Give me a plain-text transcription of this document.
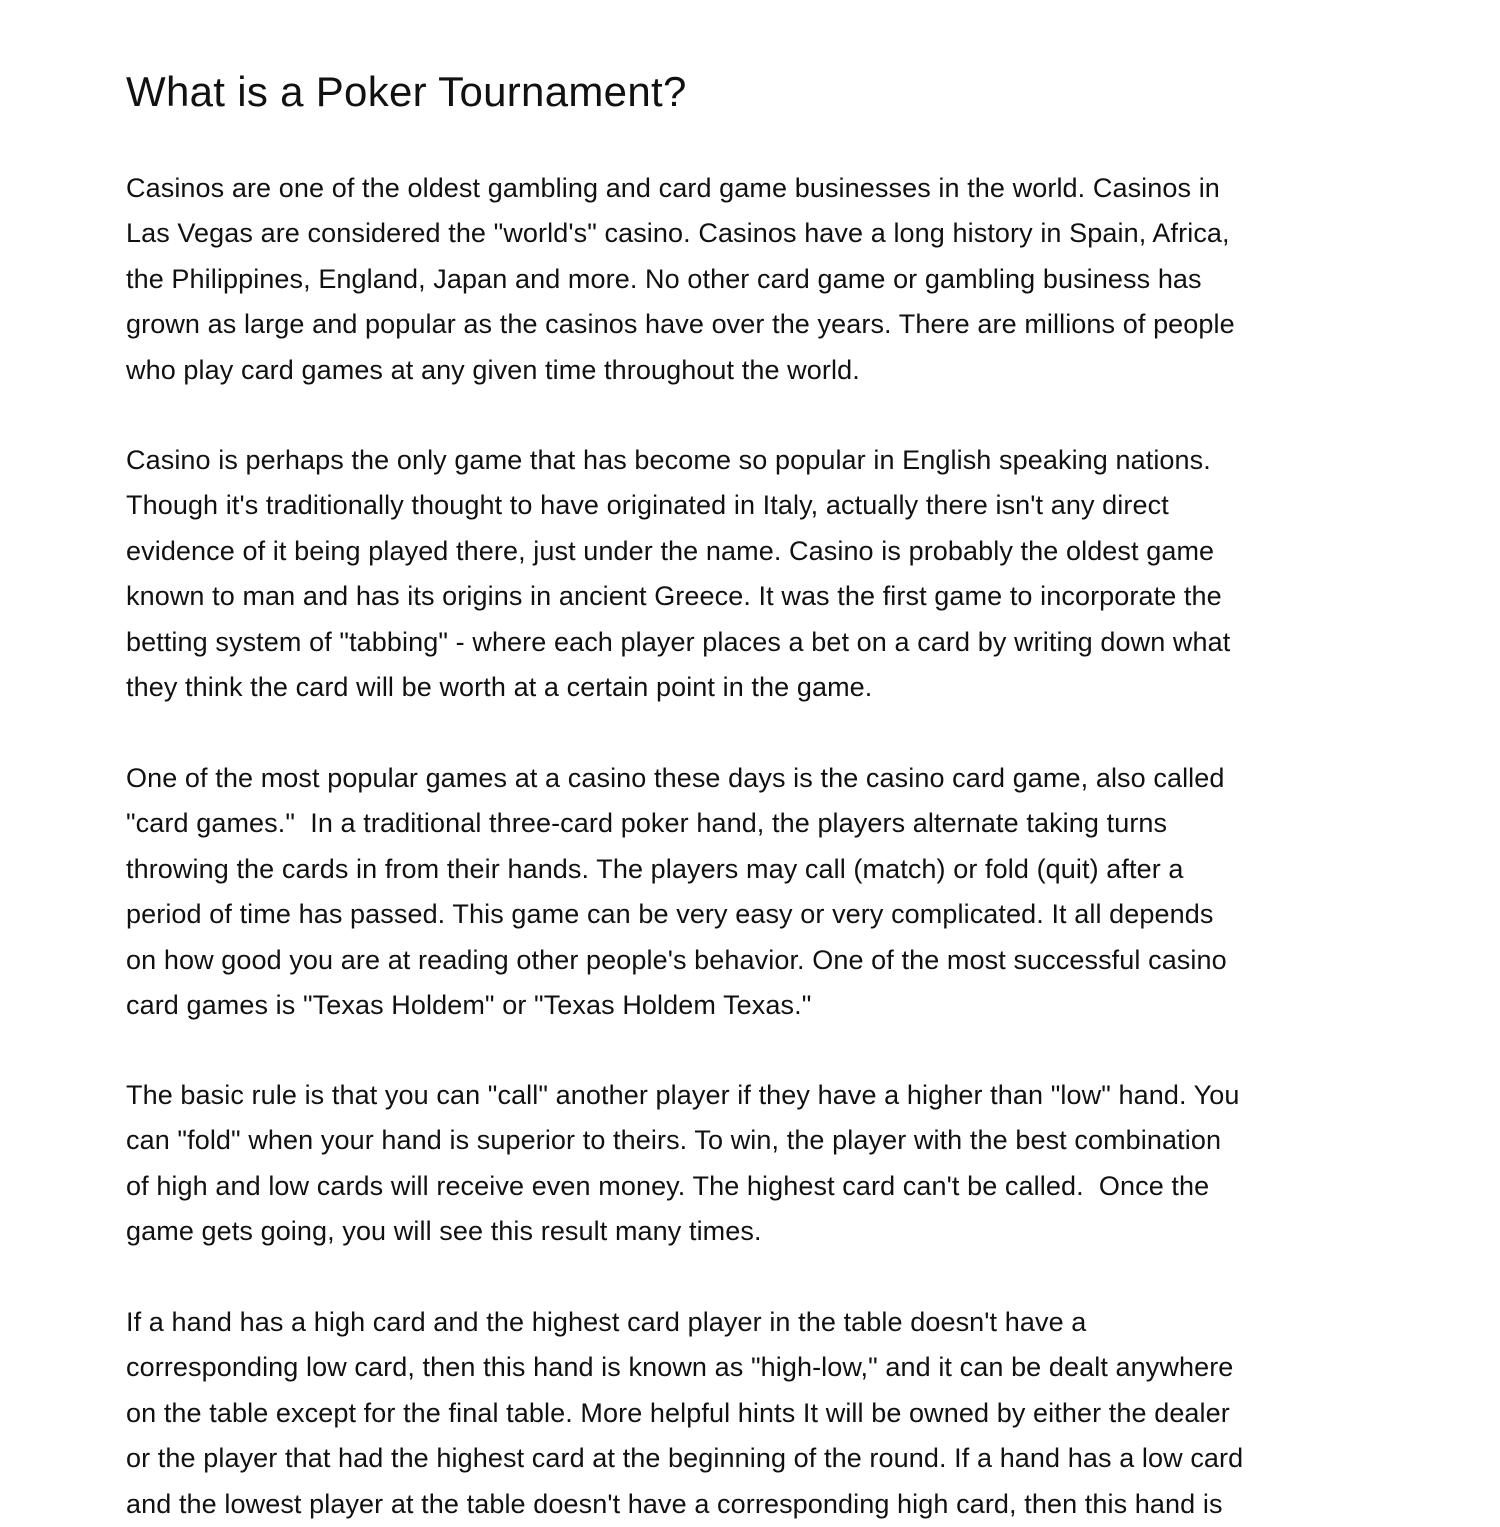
What is a Poker Tournament?
Casinos are one of the oldest gambling and card game businesses in the world. Casinos in
Las Vegas are considered the "world's" casino. Casinos have a long history in Spain, Africa,
the Philippines, England, Japan and more. No other card game or gambling business has
grown as large and popular as the casinos have over the years. There are millions of people
who play card games at any given time throughout the world.
Casino is perhaps the only game that has become so popular in English speaking nations.
Though it's traditionally thought to have originated in Italy, actually there isn't any direct
evidence of it being played there, just under the name. Casino is probably the oldest game
known to man and has its origins in ancient Greece. It was the first game to incorporate the
betting system of "tabbing" - where each player places a bet on a card by writing down what
they think the card will be worth at a certain point in the game.
One of the most popular games at a casino these days is the casino card game, also called
"card games."  In a traditional three-card poker hand, the players alternate taking turns
throwing the cards in from their hands. The players may call (match) or fold (quit) after a
period of time has passed. This game can be very easy or very complicated. It all depends
on how good you are at reading other people's behavior. One of the most successful casino
card games is "Texas Holdem" or "Texas Holdem Texas."
The basic rule is that you can "call" another player if they have a higher than "low" hand. You
can "fold" when your hand is superior to theirs. To win, the player with the best combination
of high and low cards will receive even money. The highest card can't be called.  Once the
game gets going, you will see this result many times.
If a hand has a high card and the highest card player in the table doesn't have a
corresponding low card, then this hand is known as "high-low," and it can be dealt anywhere
on the table except for the final table. More helpful hints It will be owned by either the dealer
or the player that had the highest card at the beginning of the round. If a hand has a low card
and the lowest player at the table doesn't have a corresponding high card, then this hand is
